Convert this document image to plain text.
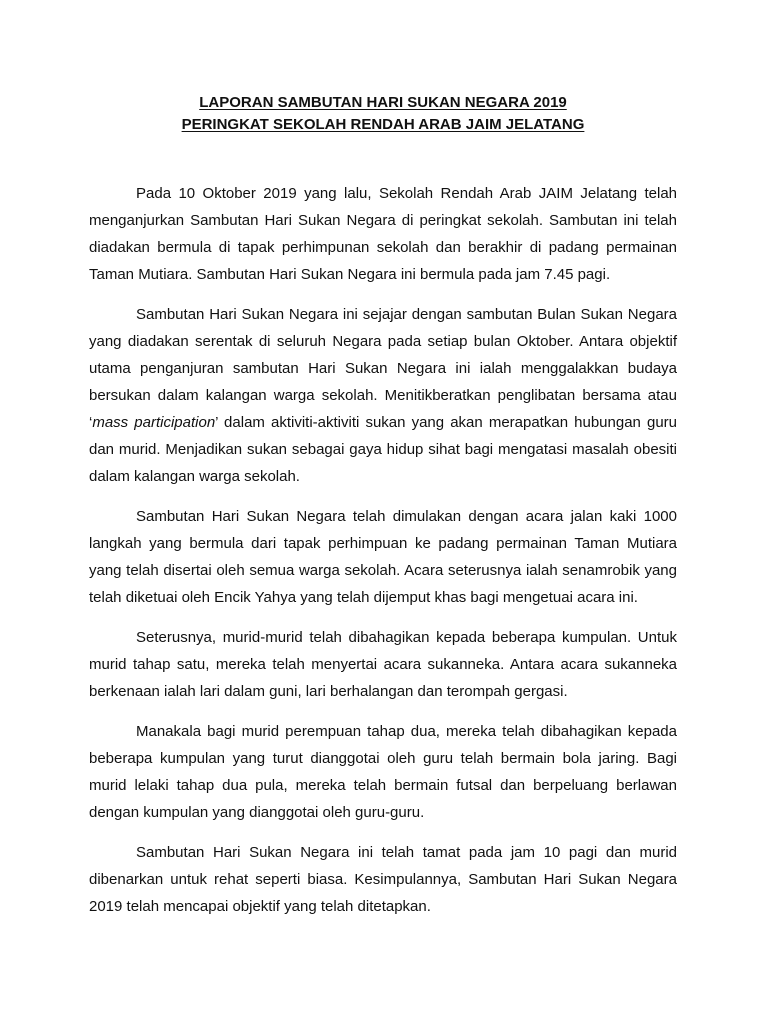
LAPORAN SAMBUTAN HARI SUKAN NEGARA 2019

PERINGKAT SEKOLAH RENDAH ARAB JAIM JELATANG

Pada 10 Oktober 2019 yang lalu, Sekolah Rendah Arab JAIM Jelatang telah menganjurkan Sambutan Hari Sukan Negara di peringkat sekolah. Sambutan ini telah diadakan bermula di tapak perhimpunan sekolah dan berakhir di padang permainan Taman Mutiara. Sambutan Hari Sukan Negara ini bermula pada jam 7.45 pagi.

Sambutan Hari Sukan Negara ini sejajar dengan sambutan Bulan Sukan Negara yang diadakan serentak di seluruh Negara pada setiap bulan Oktober. Antara objektif utama penganjuran sambutan Hari Sukan Negara ini ialah menggalakkan budaya bersukan dalam kalangan warga sekolah. Menitikberatkan penglibatan bersama atau ‘mass participation’ dalam aktiviti-aktiviti sukan yang akan merapatkan hubungan guru dan murid. Menjadikan sukan sebagai gaya hidup sihat bagi mengatasi masalah obesiti dalam kalangan warga sekolah.

Sambutan Hari Sukan Negara telah dimulakan dengan acara jalan kaki 1000 langkah yang bermula dari tapak perhimpuan ke padang permainan Taman Mutiara yang telah disertai oleh semua warga sekolah. Acara seterusnya ialah senamrobik yang telah diketuai oleh Encik Yahya yang telah dijemput khas bagi mengetuai acara ini.

Seterusnya, murid-murid telah dibahagikan kepada beberapa kumpulan. Untuk murid tahap satu, mereka telah menyertai acara sukanneka. Antara acara sukanneka berkenaan ialah lari dalam guni, lari berhalangan dan terompah gergasi.

Manakala bagi murid perempuan tahap dua, mereka telah dibahagikan kepada beberapa kumpulan yang turut dianggotai oleh guru telah bermain bola jaring. Bagi murid lelaki tahap dua pula, mereka telah bermain futsal dan berpeluang berlawan dengan kumpulan yang dianggotai oleh guru-guru.

Sambutan Hari Sukan Negara ini telah tamat pada jam 10 pagi dan murid dibenarkan untuk rehat seperti biasa. Kesimpulannya, Sambutan Hari Sukan Negara 2019 telah mencapai objektif yang telah ditetapkan.
